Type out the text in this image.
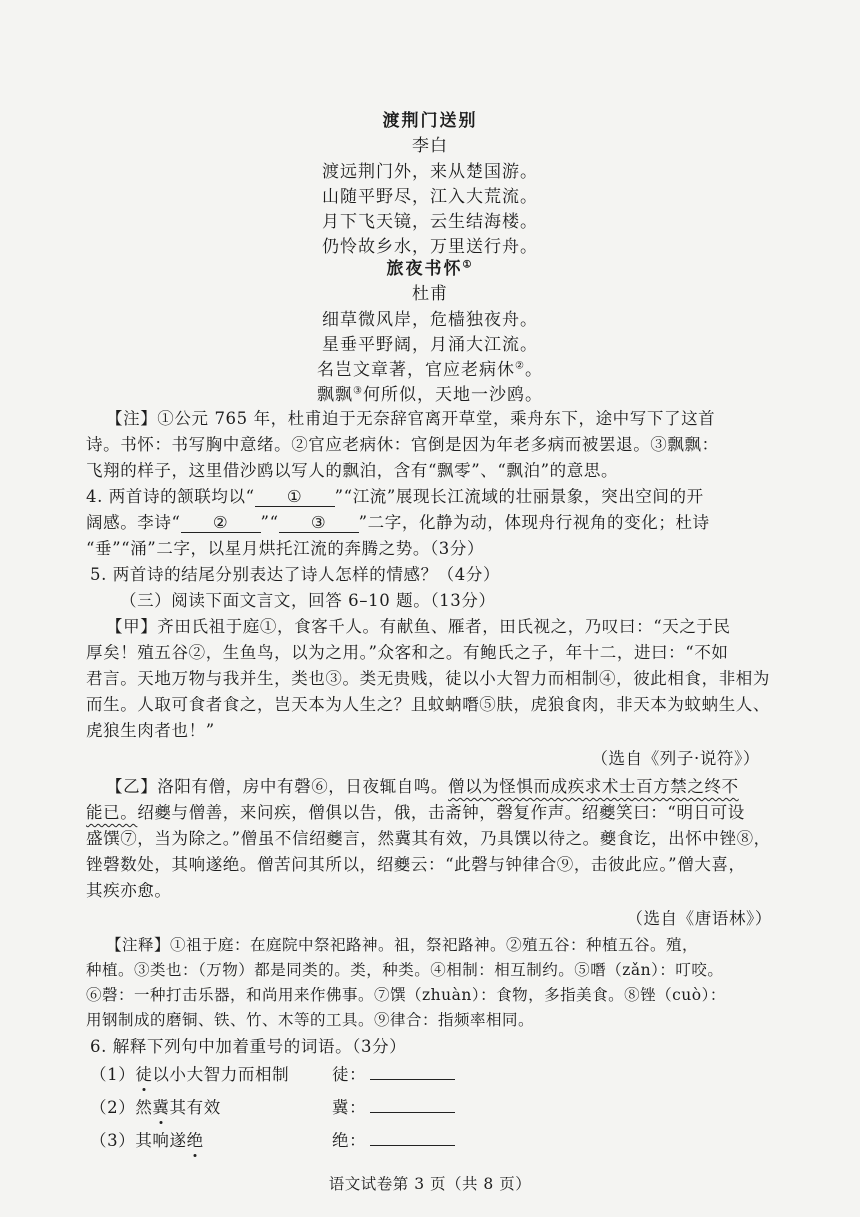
渡荆门送别
李白
渡远荆门外，来从楚国游。
山随平野尽，江入大荒流。
月下飞天镜，云生结海楼。
仍怜故乡水，万里送行舟。
旅夜书怀①
杜甫
细草微风岸，危樯独夜舟。
星垂平野阔，月涌大江流。
名岂文章著，官应老病休②。
飘飘③何所似，天地一沙鸥。
【注】①公元 765 年，杜甫迫于无奈辞官离开草堂，乘舟东下，途中写下了这首
诗。书怀：书写胸中意绪。②官应老病休：官倒是因为年老多病而被罢退。③飘飘：
飞翔的样子，这里借沙鸥以写人的飘泊，含有“飘零”、“飘泊”的意思。
4. 两首诗的颔联均以“ ① ”“江流”展现长江流域的壮丽景象，突出空间的开
阔感。李诗“ ② ”“ ③ ”二字，化静为动，体现舟行视角的变化；杜诗
“垂”“涌”二字，以星月烘托江流的奔腾之势。（3分）
5. 两首诗的结尾分别表达了诗人怎样的情感？（4分）
（三）阅读下面文言文，回答 6–10 题。（13分）
【甲】齐田氏祖于庭①，食客千人。有献鱼、雁者，田氏视之，乃叹曰：“天之于民
厚矣！殖五谷②，生鱼鸟，以为之用。”众客和之。有鲍氏之子，年十二，进曰：“不如
君言。天地万物与我并生，类也③。类无贵贱，徒以小大智力而相制④，彼此相食，非相为
而生。人取可食者食之，岂天本为人生之？且蚊蚋噆⑤肤，虎狼食肉，非天本为蚊蚋生人、
虎狼生肉者也！”
（选自《列子·说符》）
【乙】洛阳有僧，房中有磬⑥，日夜辄自鸣。僧以为怪惧而成疾求术士百方禁之终不
能已。绍夔与僧善，来问疾，僧俱以告，俄，击斋钟，磬复作声。绍夔笑曰：“明日可设
盛馔⑦，当为除之。”僧虽不信绍夔言，然冀其有效，乃具馔以待之。夔食讫，出怀中锉⑧，
锉磬数处，其响遂绝。僧苦问其所以，绍夔云：“此磬与钟律合⑨，击彼此应。”僧大喜，
其疾亦愈。
（选自《唐语林》）
【注释】①祖于庭：在庭院中祭祀路神。祖，祭祀路神。②殖五谷：种植五谷。殖，
种植。③类也：（万物）都是同类的。类，种类。④相制：相互制约。⑤噆（zǎn）：叮咬。
⑥磬：一种打击乐器，和尚用来作佛事。⑦馔（zhuàn）：食物，多指美食。⑧锉（cuò）：
用钢制成的磨铜、铁、竹、木等的工具。⑨律合：指频率相同。
6. 解释下列句中加着重号的词语。（3分）
（1）徒以小大智力而相制	徒：
（2）然冀其有效	冀：
（3）其响遂绝	绝：
语文试卷第 3 页（共 8 页）
